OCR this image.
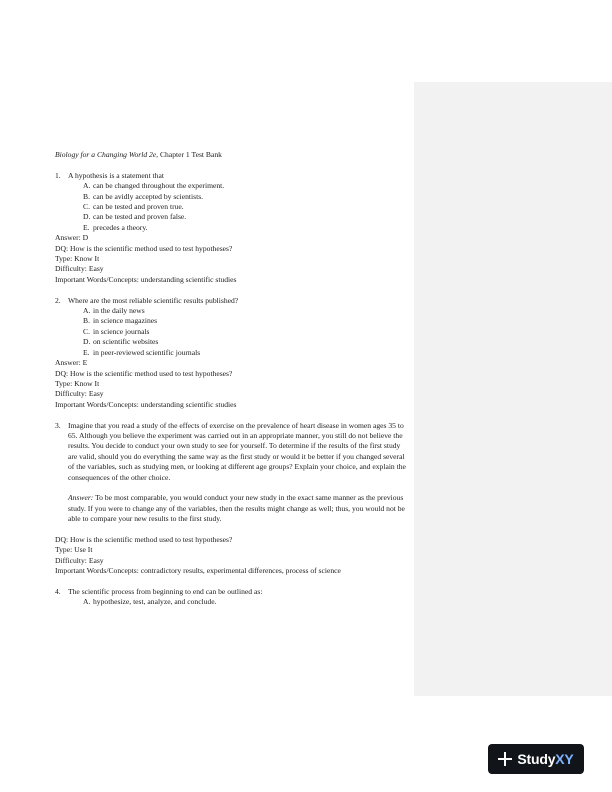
Biology for a Changing World 2e, Chapter 1 Test Bank
1. A hypothesis is a statement that
A. can be changed throughout the experiment.
B. can be avidly accepted by scientists.
C. can be tested and proven true.
D. can be tested and proven false.
E. precedes a theory.
Answer: D
DQ: How is the scientific method used to test hypotheses?
Type: Know It
Difficulty: Easy
Important Words/Concepts: understanding scientific studies
2. Where are the most reliable scientific results published?
A. in the daily news
B. in science magazines
C. in science journals
D. on scientific websites
E. in peer-reviewed scientific journals
Answer: E
DQ: How is the scientific method used to test hypotheses?
Type: Know It
Difficulty: Easy
Important Words/Concepts: understanding scientific studies
3. Imagine that you read a study of the effects of exercise on the prevalence of heart disease in women ages 35 to 65. Although you believe the experiment was carried out in an appropriate manner, you still do not believe the results. You decide to conduct your own study to see for yourself. To determine if the results of the first study are valid, should you do everything the same way as the first study or would it be better if you changed several of the variables, such as studying men, or looking at different age groups? Explain your choice, and explain the consequences of the other choice.
Answer: To be most comparable, you would conduct your new study in the exact same manner as the previous study. If you were to change any of the variables, then the results might change as well; thus, you would not be able to compare your new results to the first study.
DQ: How is the scientific method used to test hypotheses?
Type: Use It
Difficulty: Easy
Important Words/Concepts: contradictory results, experimental differences, process of science
4. The scientific process from beginning to end can be outlined as:
A. hypothesize, test, analyze, and conclude.
StudyXY
